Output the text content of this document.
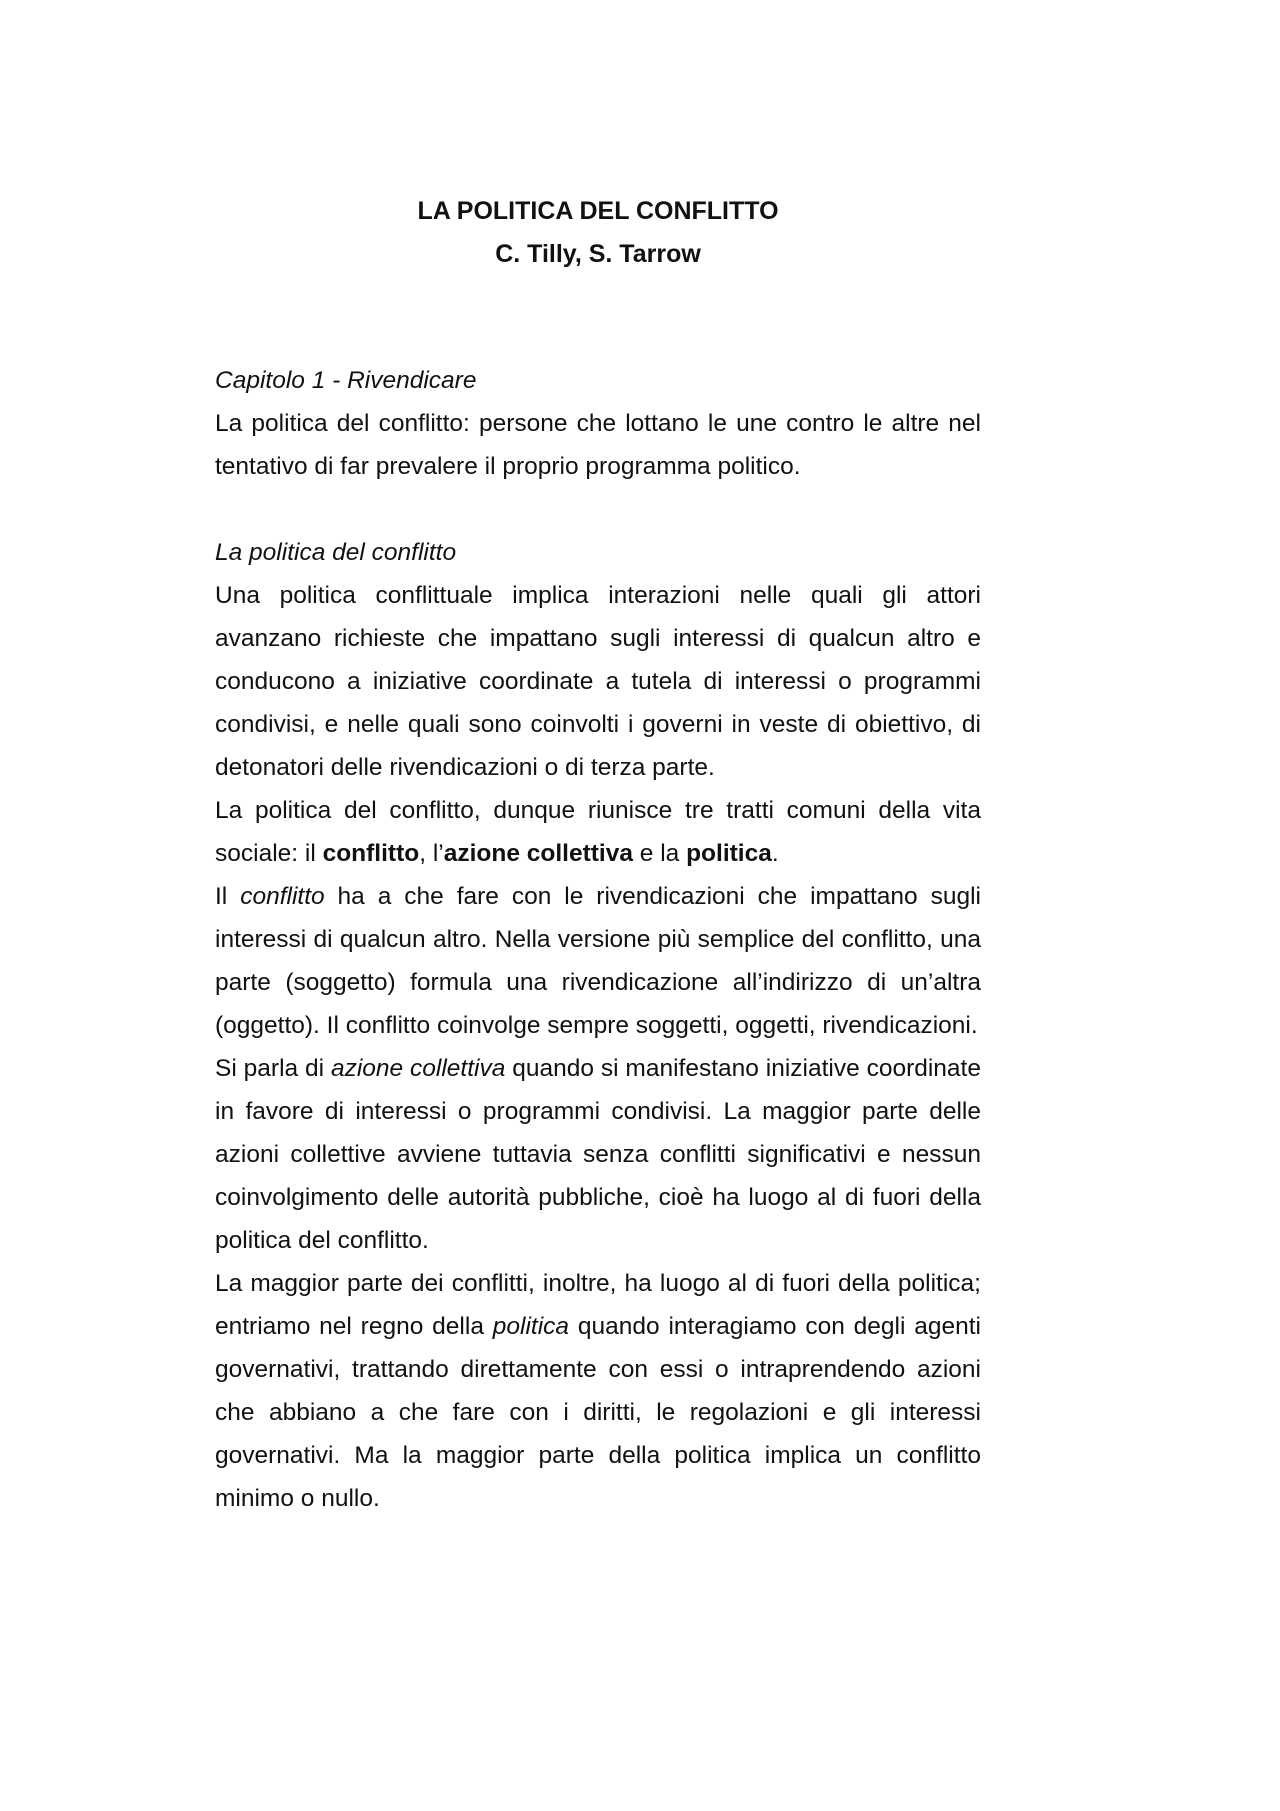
LA POLITICA DEL CONFLITTO
C. Tilly, S. Tarrow

Capitolo 1 - Rivendicare

La politica del conflitto: persone che lottano le une contro le altre nel tentativo di far prevalere il proprio programma politico.

La politica del conflitto

Una politica conflittuale implica interazioni nelle quali gli attori avanzano richieste che impattano sugli interessi di qualcun altro e conducono a iniziative coordinate a tutela di interessi o programmi condivisi, e nelle quali sono coinvolti i governi in veste di obiettivo, di detonatori delle rivendicazioni o di terza parte.

La politica del conflitto, dunque riunisce tre tratti comuni della vita sociale: il conflitto, l’azione collettiva e la politica.

Il conflitto ha a che fare con le rivendicazioni che impattano sugli interessi di qualcun altro. Nella versione più semplice del conflitto, una parte (soggetto) formula una rivendicazione all’indirizzo di un’altra (oggetto). Il conflitto coinvolge sempre soggetti, oggetti, rivendicazioni.

Si parla di azione collettiva quando si manifestano iniziative coordinate in favore di interessi o programmi condivisi. La maggior parte delle azioni collettive avviene tuttavia senza conflitti significativi e nessun coinvolgimento delle autorità pubbliche, cioè ha luogo al di fuori della politica del conflitto.

La maggior parte dei conflitti, inoltre, ha luogo al di fuori della politica; entriamo nel regno della politica quando interagiamo con degli agenti governativi, trattando direttamente con essi o intraprendendo azioni che abbiano a che fare con i diritti, le regolazioni e gli interessi governativi. Ma la maggior parte della politica implica un conflitto minimo o nullo.
